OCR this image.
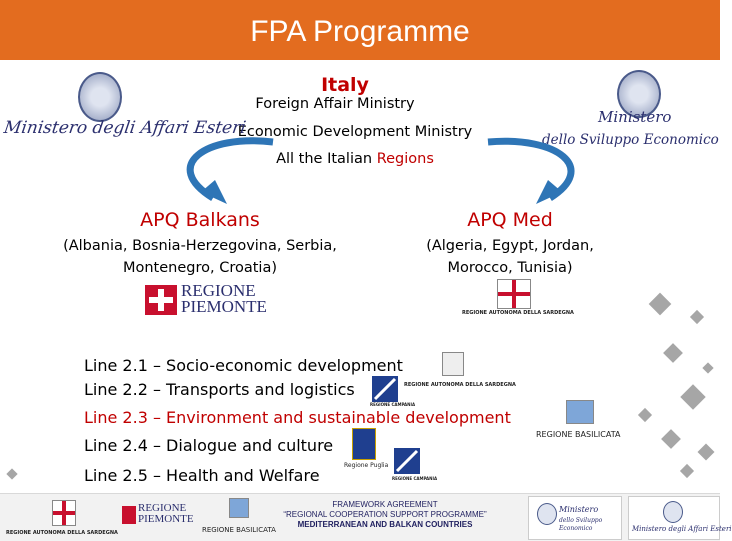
FPA Programme
Italy
Foreign Affair Ministry
Economic Development Ministry
All the Italian Regions
Ministero degli Affari Esteri
Ministero
dello Sviluppo Economico
APQ Balkans
(Albania, Bosnia-Herzegovina, Serbia,
Montenegro, Croatia)
APQ Med
(Algeria, Egypt, Jordan,
Morocco, Tunisia)
REGIONE
PIEMONTE	REGIONE AUTONOMA DELLA SARDEGNA
Line 2.1 – Socio-economic development
Line 2.2 – Transports and logistics
Line 2.3 – Environment and sustainable development
Line 2.4 – Dialogue and culture
Line 2.5 – Health and Welfare
REGIONE AUTONOMA DELLA SARDEGNA
REGIONE CAMPANIA
REGIONE BASILICATA
Regione Puglia
REGIONE CAMPANIA
REGIONE AUTONOMA DELLA SARDEGNA
REGIONE
PIEMONTE
REGIONE BASILICATA
FRAMEWORK AGREEMENT
“REGIONAL COOPERATION SUPPORT PROGRAMME”
MEDITERRANEAN AND BALKAN COUNTRIES
Ministero
dello Sviluppo Economico	Ministero degli Affari Esteri
